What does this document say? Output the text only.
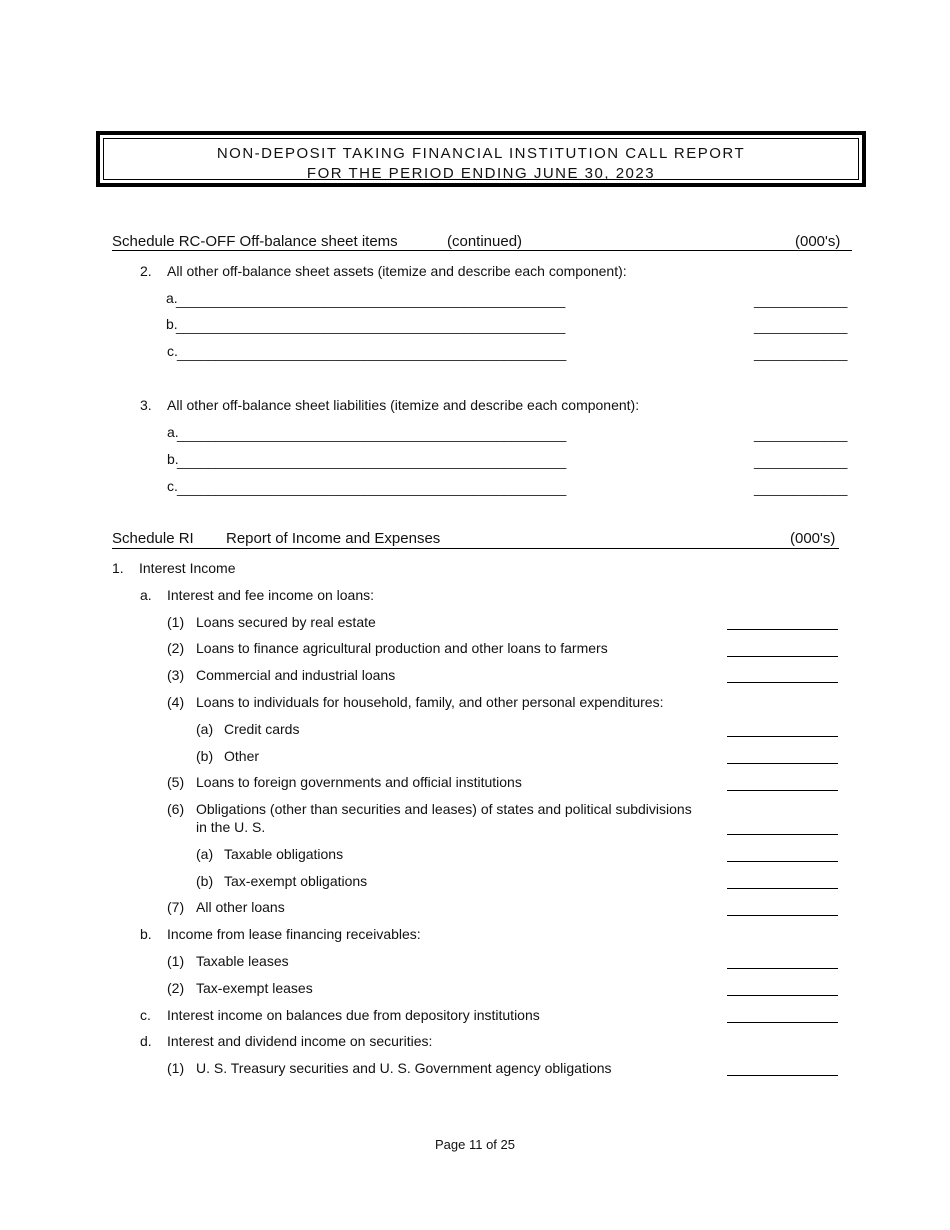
NON-DEPOSIT TAKING FINANCIAL INSTITUTION CALL REPORT
FOR THE PERIOD ENDING JUNE 30, 2023
Schedule RC-OFF Off-balance sheet items	(continued)	(000's)
2. All other off-balance sheet assets (itemize and describe each component):
a.
__________________________________________________	____________
b.
__________________________________________________	____________
c. __________________________________________________	____________
3. All other off-balance sheet liabilities (itemize and describe each component):
a.
__________________________________________________	____________
b.
__________________________________________________	____________
c. __________________________________________________	____________
Schedule RI Report of Income and Expenses	(000's)
1. Interest Income
a. Interest and fee income on loans:
(1) Loans secured by real estate
(2) Loans to finance agricultural production and other loans to farmers
(3) Commercial and industrial loans
(4) Loans to individuals for household, family, and other personal expenditures:
(a) Credit cards
(b) Other
(5) Loans to foreign governments and official institutions
(6) Obligations (other than securities and leases) of states and political subdivisions
in the U. S.
(a) Taxable obligations
(b) Tax-exempt obligations
(7) All other loans
b. Income from lease financing receivables:
(1) Taxable leases
(2) Tax-exempt leases
c. Interest income on balances due from depository institutions
d. Interest and dividend income on securities:
(1) U. S. Treasury securities and U. S. Government agency obligations
Page 11 of 25
